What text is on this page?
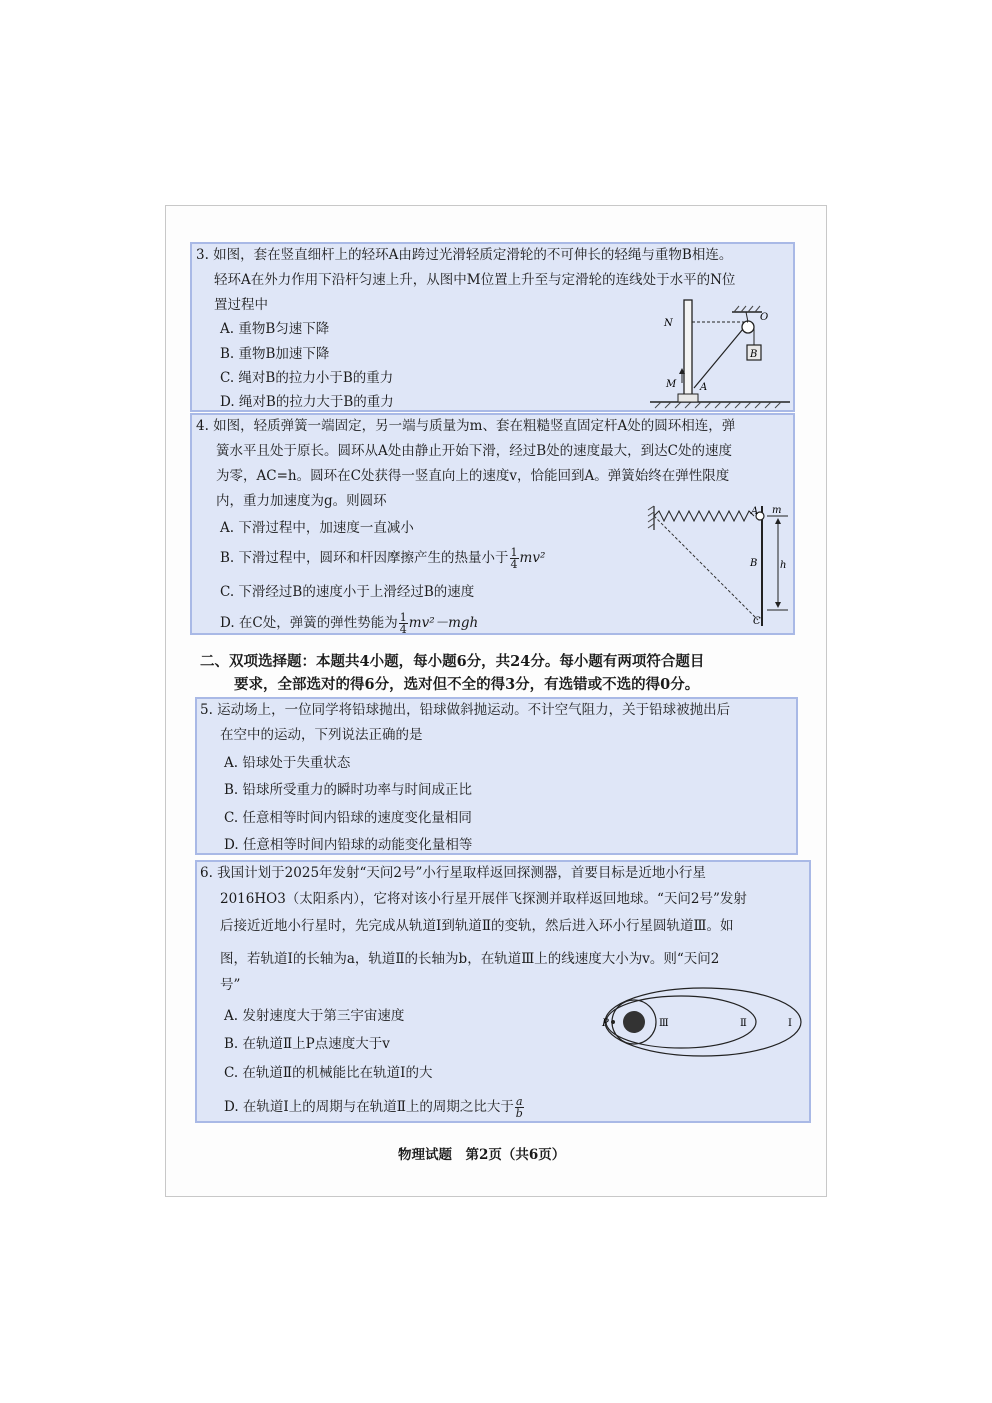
3. 如图，套在竖直细杆上的轻环A由跨过光滑轻质定滑轮的不可伸长的轻绳与重物B相连。
轻环A在外力作用下沿杆匀速上升，从图中M位置上升至与定滑轮的连线处于水平的N位
置过程中
A. 重物B匀速下降
B. 重物B加速下降
C. 绳对B的拉力小于B的重力
D. 绳对B的拉力大于B的重力
B
N
O
M A
4. 如图，轻质弹簧一端固定，另一端与质量为m、套在粗糙竖直固定杆A处的圆环相连，弹
簧水平且处于原长。圆环从A处由静止开始下滑，经过B处的速度最大，到达C处的速度
为零，AC=h。圆环在C处获得一竖直向上的速度v，恰能回到A。弹簧始终在弹性限度
内，重力加速度为g。则圆环
A. 下滑过程中，加速度一直减小
B. 下滑过程中，圆环和杆因摩擦产生的热量小于 $\frac{1}{4} mv^2$
C. 下滑经过B的速度小于上滑经过B的速度
D. 在C处，弹簧的弹性势能为 $\frac{1}{4} mv^2-mgh$
A m
B h
C
二、双项选择题：本题共4小题，每小题6分，共24分。每小题有两项符合题目
要求，全部选对的得6分，选对但不全的得3分，有选错或不选的得0分。
5. 运动场上，一位同学将铅球抛出，铅球做斜抛运动。不计空气阻力，关于铅球被抛出后
在空中的运动，下列说法正确的是
A. 铅球处于失重状态
B. 铅球所受重力的瞬时功率与时间成正比
C. 任意相等时间内铅球的速度变化量相同
D. 任意相等时间内铅球的动能变化量相等
6. 我国计划于2025年发射“天问2号”小行星取样返回探测器，首要目标是近地小行星
2016HO3（太阳系内），它将对该小行星开展伴飞探测并取样返回地球。“天问2号”发射
后接近近地小行星时，先完成从轨道Ⅰ到轨道Ⅱ的变轨，然后进入环小行星圆轨道Ⅲ。如
图，若轨道Ⅰ的长轴为a，轨道Ⅱ的长轴为b，在轨道Ⅲ上的线速度大小为v。则“天问2
号”
A. 发射速度大于第三宇宙速度
B. 在轨道Ⅱ上P点速度大于v
C. 在轨道Ⅱ的机械能比在轨道Ⅰ的大
D. 在轨道Ⅰ上的周期与在轨道Ⅱ上的周期之比大于 $\frac{a}{b}$
P	Ⅲ	Ⅱ	Ⅰ
物理试题　第2页（共6页）
